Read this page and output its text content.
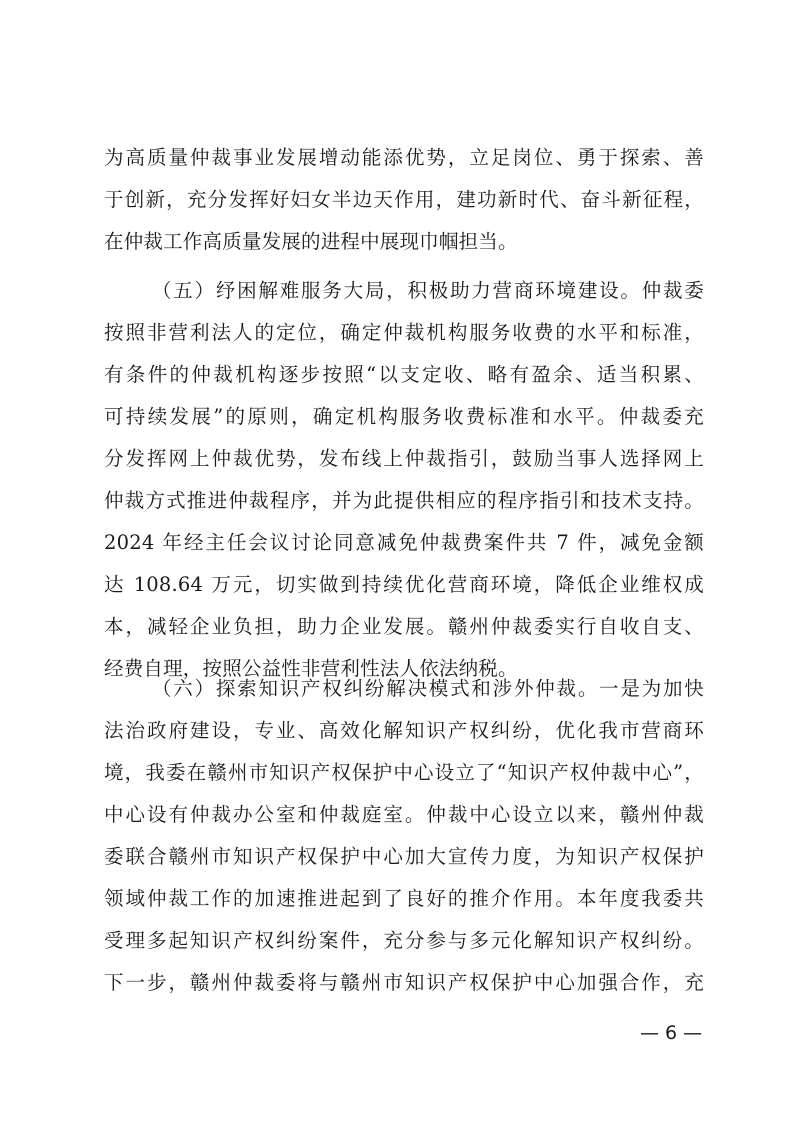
为高质量仲裁事业发展增动能添优势，立足岗位、勇于探索、善
于创新，充分发挥好妇女半边天作用，建功新时代、奋斗新征程，
在仲裁工作高质量发展的进程中展现巾帼担当。
（五）纾困解难服务大局，积极助力营商环境建设。仲裁委
按照非营利法人的定位，确定仲裁机构服务收费的水平和标准，
有条件的仲裁机构逐步按照“以支定收、略有盈余、适当积累、
可持续发展”的原则，确定机构服务收费标准和水平。仲裁委充
分发挥网上仲裁优势，发布线上仲裁指引，鼓励当事人选择网上
仲裁方式推进仲裁程序，并为此提供相应的程序指引和技术支持。
2024 年经主任会议讨论同意减免仲裁费案件共 7 件，减免金额
达 108.64 万元，切实做到持续优化营商环境，降低企业维权成
本，减轻企业负担，助力企业发展。赣州仲裁委实行自收自支、
经费自理，按照公益性非营利性法人依法纳税。
（六）探索知识产权纠纷解决模式和涉外仲裁。一是为加快
法治政府建设，专业、高效化解知识产权纠纷，优化我市营商环
境，我委在赣州市知识产权保护中心设立了“知识产权仲裁中心”，
中心设有仲裁办公室和仲裁庭室。仲裁中心设立以来，赣州仲裁
委联合赣州市知识产权保护中心加大宣传力度，为知识产权保护
领域仲裁工作的加速推进起到了良好的推介作用。本年度我委共
受理多起知识产权纠纷案件，充分参与多元化解知识产权纠纷。
下一步，赣州仲裁委将与赣州市知识产权保护中心加强合作，充
— 6 —
